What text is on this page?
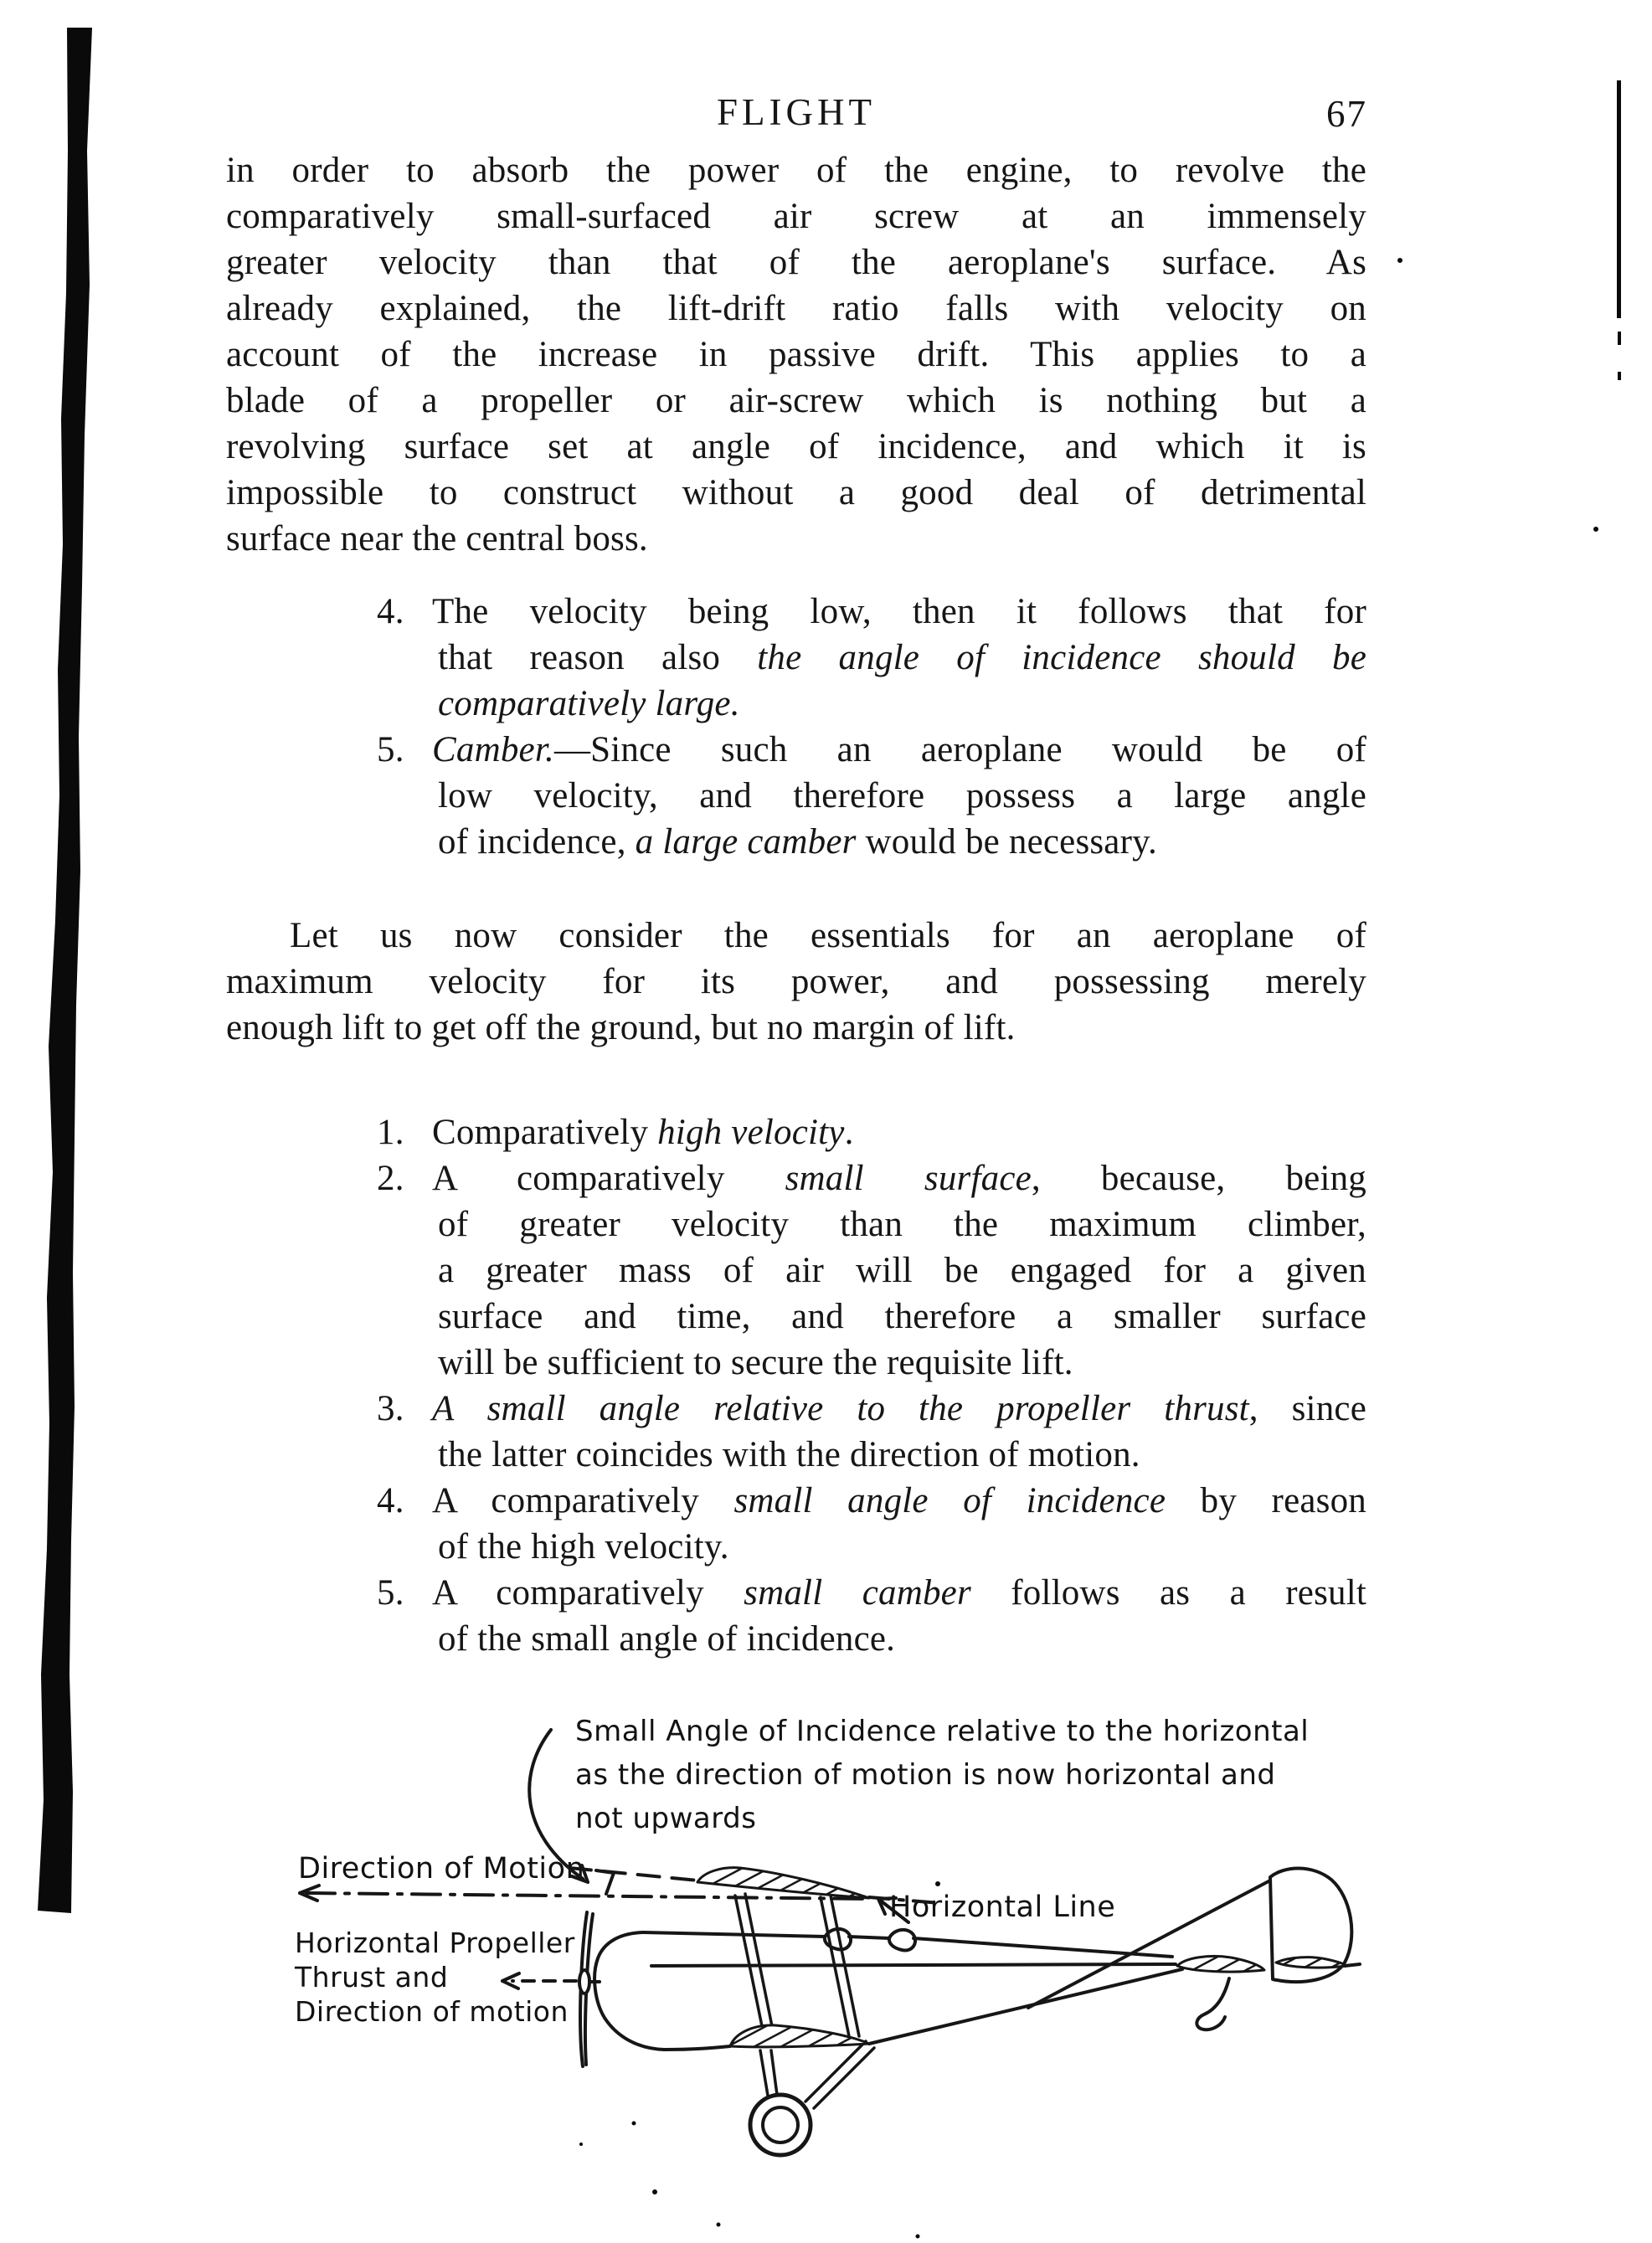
FLIGHT	67
in order to absorb the power of the engine, to revolve the
comparatively small-surfaced air screw at an immensely
greater velocity than that of the aeroplane's surface. As
already explained, the lift-drift ratio falls with velocity on
account of the increase in passive drift. This applies to a
blade of a propeller or air-screw which is nothing but a
revolving surface set at angle of incidence, and which it is
impossible to construct without a good deal of detrimental
surface near the central boss.
4. The velocity being low, then it follows that for
that reason also the angle of incidence should be
comparatively large.
5. Camber.—Since such an aeroplane would be of
low velocity, and therefore possess a large angle
of incidence, a large camber would be necessary.
Let us now consider the essentials for an aeroplane of
maximum velocity for its power, and possessing merely
enough lift to get off the ground, but no margin of lift.
1. Comparatively high velocity.
2. A comparatively small surface, because, being
of greater velocity than the maximum climber,
a greater mass of air will be engaged for a given
surface and time, and therefore a smaller surface
will be sufficient to secure the requisite lift.
3. A small angle relative to the propeller thrust, since
the latter coincides with the direction of motion.
4. A comparatively small angle of incidence by reason
of the high velocity.
5. A comparatively small camber follows as a result
of the small angle of incidence.
Small Angle of Incidence relative to the horizontal
as the direction of motion is now horizontal and
not upwards
Direction of Motion
Horizontal Line
Horizontal Propeller
Thrust and
Direction of motion
